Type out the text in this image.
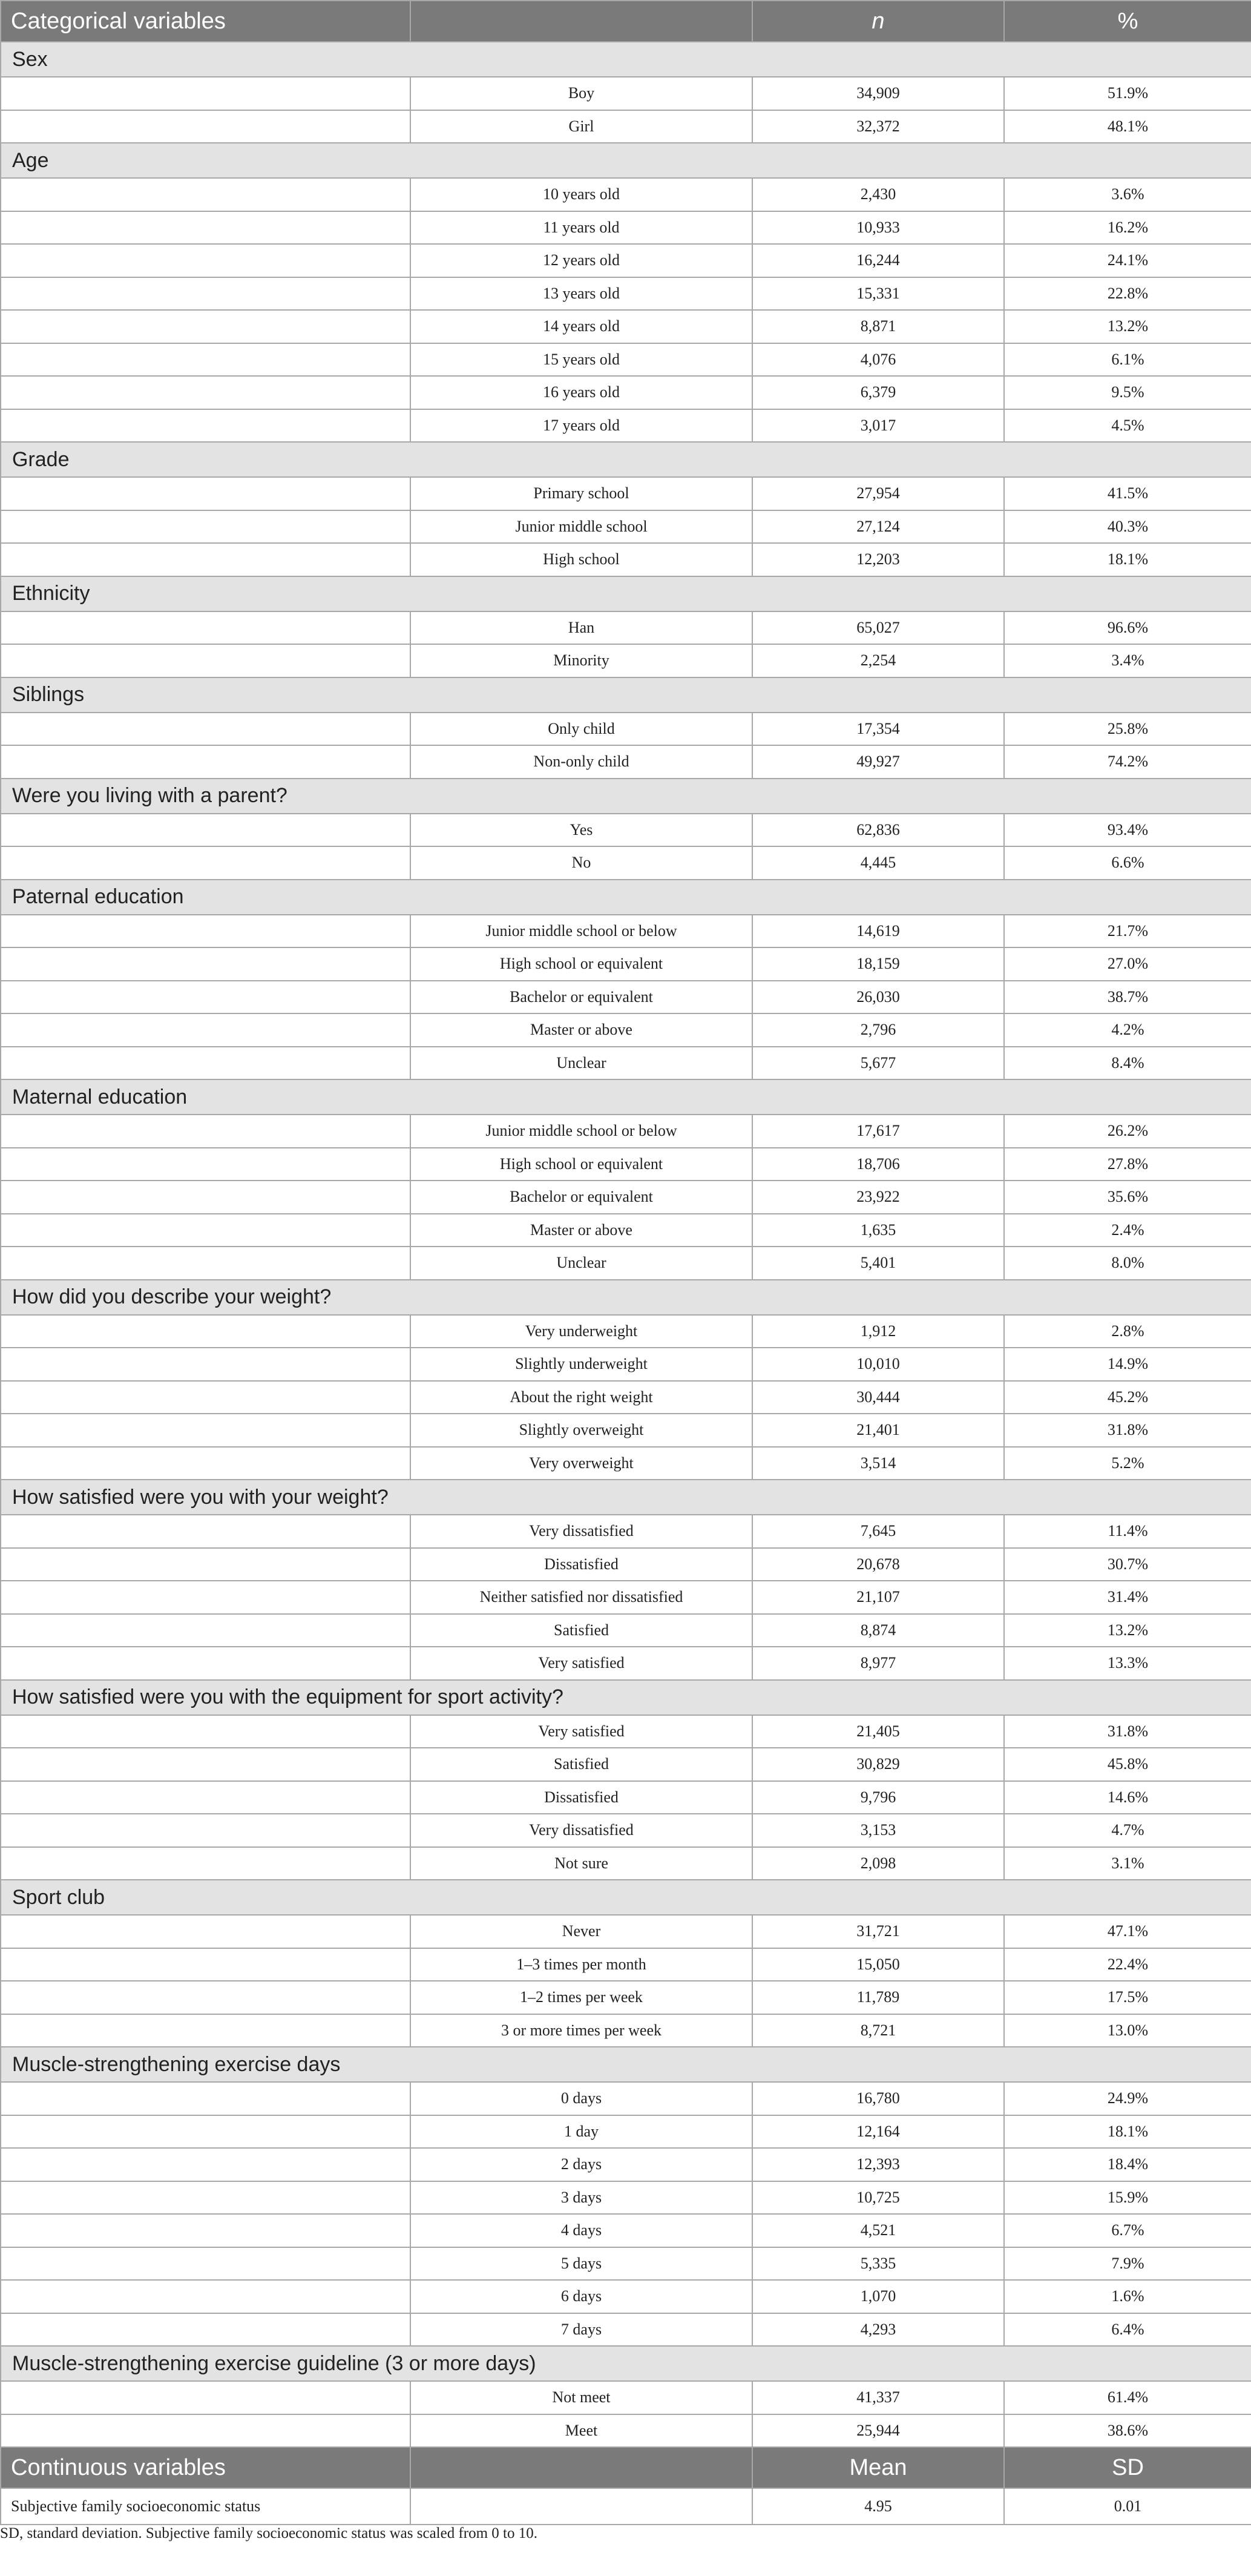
Categorical variables		n	%
Sex			
	Boy	34,909	51.9%
	Girl	32,372	48.1%
Age			
	10 years old	2,430	3.6%
	11 years old	10,933	16.2%
	12 years old	16,244	24.1%
	13 years old	15,331	22.8%
	14 years old	8,871	13.2%
	15 years old	4,076	6.1%
	16 years old	6,379	9.5%
	17 years old	3,017	4.5%
Grade			
	Primary school	27,954	41.5%
	Junior middle school	27,124	40.3%
	High school	12,203	18.1%
Ethnicity			
	Han	65,027	96.6%
	Minority	2,254	3.4%
Siblings			
	Only child	17,354	25.8%
	Non-only child	49,927	74.2%
Were you living with a parent?			
	Yes	62,836	93.4%
	No	4,445	6.6%
Paternal education			
	Junior middle school or below	14,619	21.7%
	High school or equivalent	18,159	27.0%
	Bachelor or equivalent	26,030	38.7%
	Master or above	2,796	4.2%
	Unclear	5,677	8.4%
Maternal education			
	Junior middle school or below	17,617	26.2%
	High school or equivalent	18,706	27.8%
	Bachelor or equivalent	23,922	35.6%
	Master or above	1,635	2.4%
	Unclear	5,401	8.0%
How did you describe your weight?			
	Very underweight	1,912	2.8%
	Slightly underweight	10,010	14.9%
	About the right weight	30,444	45.2%
	Slightly overweight	21,401	31.8%
	Very overweight	3,514	5.2%
How satisfied were you with your weight?			
	Very dissatisfied	7,645	11.4%
	Dissatisfied	20,678	30.7%
	Neither satisfied nor dissatisfied	21,107	31.4%
	Satisfied	8,874	13.2%
	Very satisfied	8,977	13.3%
How satisfied were you with the equipment for sport activity?			
	Very satisfied	21,405	31.8%
	Satisfied	30,829	45.8%
	Dissatisfied	9,796	14.6%
	Very dissatisfied	3,153	4.7%
	Not sure	2,098	3.1%
Sport club			
	Never	31,721	47.1%
	1–3 times per month	15,050	22.4%
	1–2 times per week	11,789	17.5%
	3 or more times per week	8,721	13.0%
Muscle-strengthening exercise days			
	0 days	16,780	24.9%
	1 day	12,164	18.1%
	2 days	12,393	18.4%
	3 days	10,725	15.9%
	4 days	4,521	6.7%
	5 days	5,335	7.9%
	6 days	1,070	1.6%
	7 days	4,293	6.4%
Muscle-strengthening exercise guideline (3 or more days)			
	Not meet	41,337	61.4%
	Meet	25,944	38.6%
Continuous variables		Mean	SD
Subjective family socioeconomic status		4.95	0.01
SD, standard deviation. Subjective family socioeconomic status was scaled from 0 to 10.
